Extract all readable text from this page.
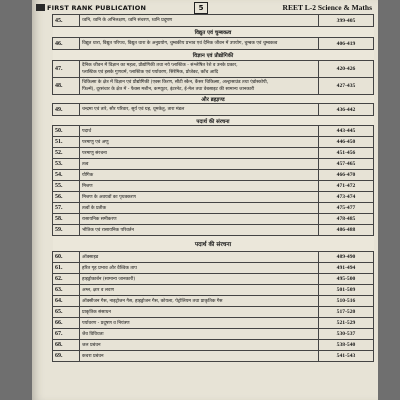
FIRST RANK PUBLICATION	5	REET L-2 Science & Maths
45.	ध्वनि, ध्वनि के अभिलक्षण, ध्वनि संचरण, ध्वनि प्रदूषण	399-405
विद्युत एवं चुम्बकत्व		
46.	विद्युत धारा, विद्युत परिपथ, विद्युत धारा के अनुप्रयोग, चुम्बकीय प्रभाव एवं दैनिक जीवन में उपयोग, चुम्बक एवं चुम्बकत्व	406-419
विज्ञान एवं प्रौद्योगिकी		
47.	दैनिक जीवन में विज्ञान का महत्व, प्रौद्योगिकी तथा नये प्लास्टिक - संश्लेषित रेशे व उनके प्रकार,
प्लास्टिक एवं इसके गुणधर्म, प्लास्टिक एवं पर्यावरण, सिरेमिक, प्रोजेक्ट, काँच आदि	420-426
48.	चिकित्सा के क्षेत्र में विज्ञान एवं प्रौद्योगिकी (एक्स किरण, सीटी स्कैन, कैंसर चिकित्सा, अल्ट्रासाउंड तथा एंडोस्कोपी,
फिल्में), दूरसंचार के क्षेत्र में - फैक्स मशीन, कम्प्यूटर, इंटरनेट, ई-मेल तथा वेबसाइट की सामान्य जानकारी	427-435
और ब्रह्माण्ड		
49.	चन्द्रमा एवं तारे, सौर परिवार, सूर्य एवं ग्रह, धूमकेतु, तारा मंडल	436-442
पदार्थ की संरचना		
50.	पदार्थ	443-445
51.	परमाणु एवं अणु	446-450
52.	परमाणु संरचना	451-456
53.	तत्व	457-465
54.	यौगिक	466-470
55.	मिश्रण	471-472
56.	मिश्रण के अवयवों का पृथक्करण	473-474
57.	तत्वों के प्रतीक	475-477
58.	रासायनिक समीकरण	478-485
59.	भौतिक एवं रासायनिक परिवर्तन	486-488
पदार्थ की संरचना		
60.	ऑक्साइड	489-490
61.	हरित गृह प्रभाव और वैश्विक ताप	491-494
62.	हाइड्रोकार्बन (सामान्य जानकारी)	495-500
63.	अम्ल, क्षार व लवण	501-509
64.	ऑक्सीजन गैस, नाइट्रोजन गैस, हाइड्रोजन गैस, कोयला, पेट्रोलियम तथा प्राकृतिक गैस	510-516
65.	प्राकृतिक संसाधन	517-520
66.	पर्यावरण - प्रदूषण व नियंत्रण	521-529
67.	जैव विविधता	530-537
68.	जल प्रबंधन	538-540
69.	कचरा प्रबंधन	541-543
